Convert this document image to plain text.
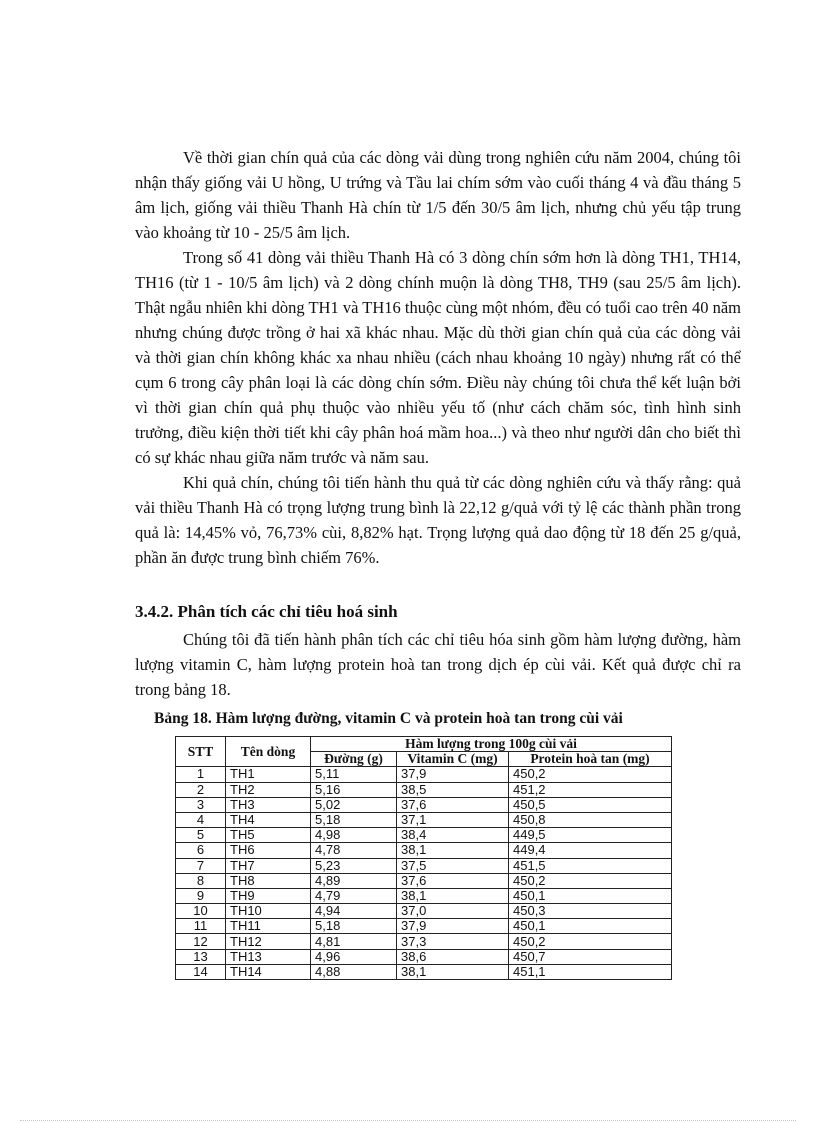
Về thời gian chín quả của các dòng vải dùng trong nghiên cứu năm 2004, chúng tôi nhận thấy giống vải U hồng, U trứng và Tầu lai chím sớm vào cuối tháng 4 và đầu tháng 5 âm lịch, giống vải thiều Thanh Hà chín từ 1/5 đến 30/5 âm lịch, nhưng chủ yếu tập trung vào khoảng từ 10 - 25/5 âm lịch.

Trong số 41 dòng vải thiều Thanh Hà có 3 dòng chín sớm hơn là dòng TH1, TH14, TH16 (từ 1 - 10/5 âm lịch) và 2 dòng chính muộn là dòng TH8, TH9 (sau 25/5 âm lịch). Thật ngẫu nhiên khi dòng TH1 và TH16 thuộc cùng một nhóm, đều có tuổi cao trên 40 năm nhưng chúng được trồng ở hai xã khác nhau. Mặc dù thời gian chín quả của các dòng vải và thời gian chín không khác xa nhau nhiều (cách nhau khoảng 10 ngày) nhưng rất có thể cụm 6 trong cây phân loại là các dòng chín sớm. Điều này chúng tôi chưa thể kết luận bởi vì thời gian chín quả phụ thuộc vào nhiều yếu tố (như cách chăm sóc, tình hình sinh trưởng, điều kiện thời tiết khi cây phân hoá mầm hoa...) và theo như người dân cho biết thì có sự khác nhau giữa năm trước và năm sau.

Khi quả chín, chúng tôi tiến hành thu quả từ các dòng nghiên cứu và thấy rằng: quả vải thiều Thanh Hà có trọng lượng trung bình là 22,12 g/quả với tỷ lệ các thành phần trong quả là: 14,45% vỏ, 76,73% cùi, 8,82% hạt. Trọng lượng quả dao động từ 18 đến 25 g/quả, phần ăn được trung bình chiếm 76%.

3.4.2. Phân tích các chỉ tiêu hoá sinh

Chúng tôi đã tiến hành phân tích các chỉ tiêu hóa sinh gồm hàm lượng đường, hàm lượng vitamin C, hàm lượng protein hoà tan trong dịch ép cùi vải. Kết quả được chỉ ra trong bảng 18.

Bảng 18. Hàm lượng đường, vitamin C và protein hoà tan trong cùi vải
STT	Tên dòng	Hàm lượng trong 100g cùi vải		
		Đường (g)	Vitamin C (mg)	Protein hoà tan (mg)
1	TH1	5,11	37,9	450,2
2	TH2	5,16	38,5	451,2
3	TH3	5,02	37,6	450,5
4	TH4	5,18	37,1	450,8
5	TH5	4,98	38,4	449,5
6	TH6	4,78	38,1	449,4
7	TH7	5,23	37,5	451,5
8	TH8	4,89	37,6	450,2
9	TH9	4,79	38,1	450,1
10	TH10	4,94	37,0	450,3
11	TH11	5,18	37,9	450,1
12	TH12	4,81	37,3	450,2
13	TH13	4,96	38,6	450,7
14	TH14	4,88	38,1	451,1
